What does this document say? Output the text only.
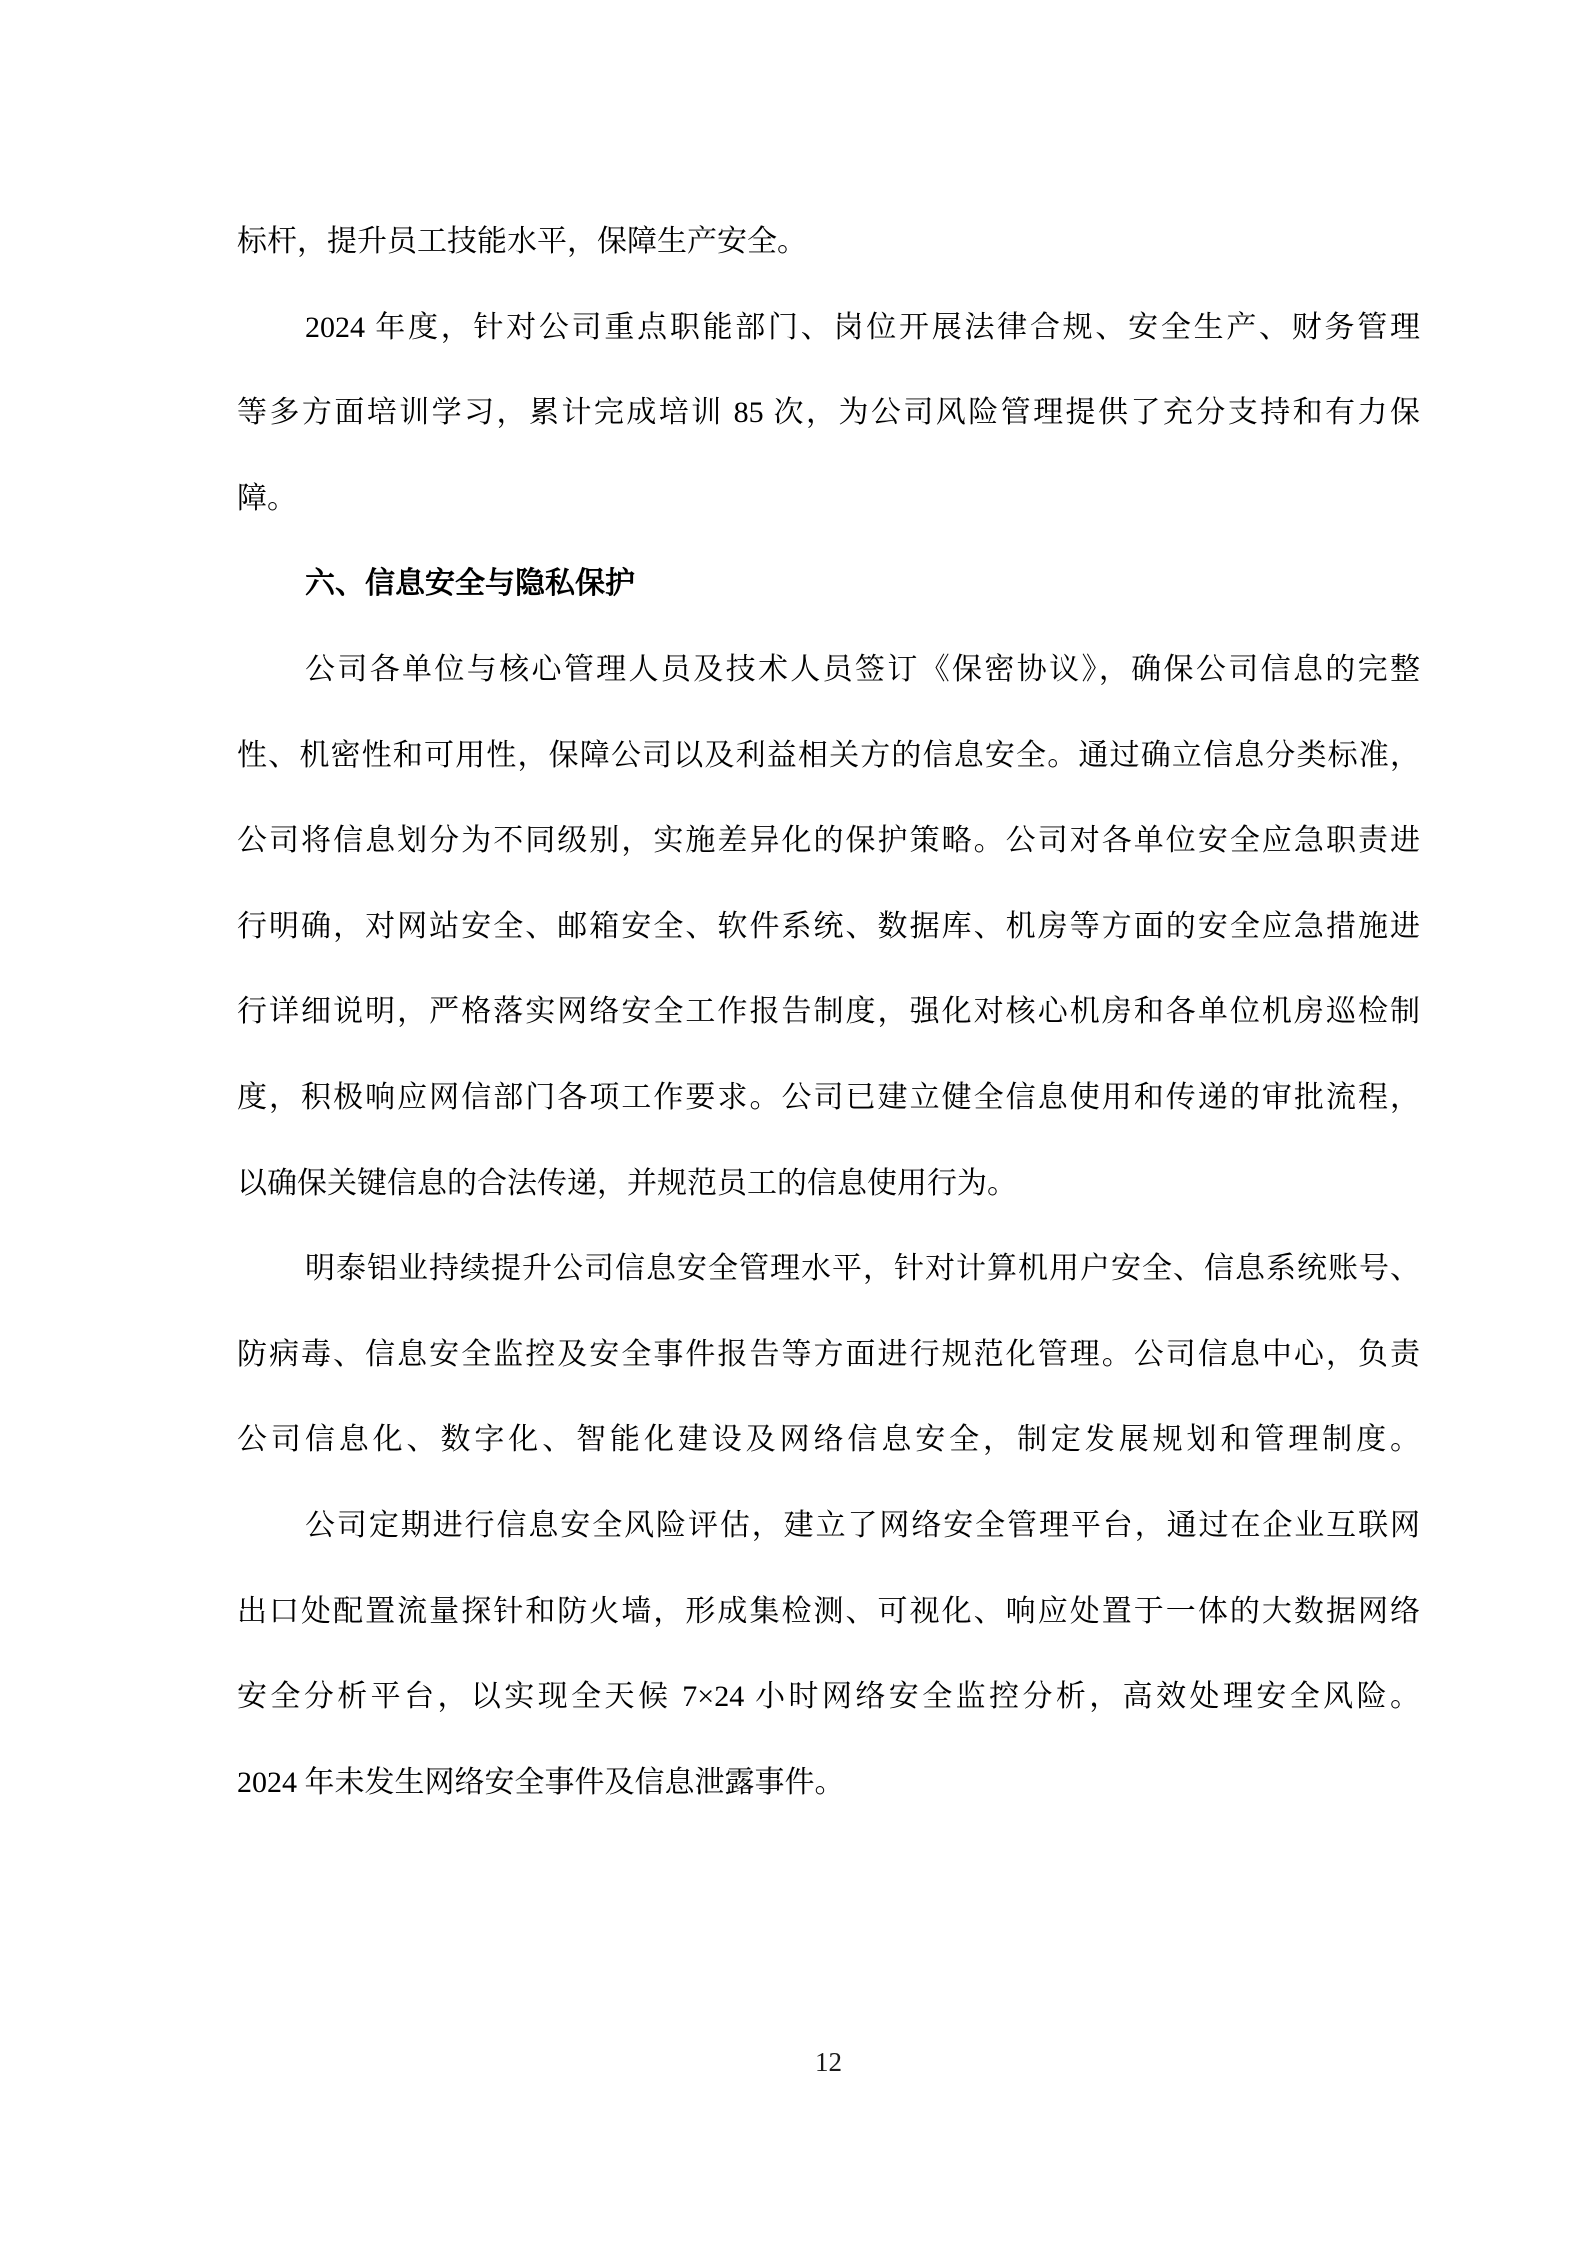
标杆，提升员工技能水平，保障生产安全。
2024 年度，针对公司重点职能部门、岗位开展法律合规、安全生产、财务管理
等多方面培训学习，累计完成培训 85 次，为公司风险管理提供了充分支持和有力保
障。
六、信息安全与隐私保护
公司各单位与核心管理人员及技术人员签订《保密协议》，确保公司信息的完整
性、机密性和可用性，保障公司以及利益相关方的信息安全。通过确立信息分类标准，
公司将信息划分为不同级别，实施差异化的保护策略。公司对各单位安全应急职责进
行明确，对网站安全、邮箱安全、软件系统、数据库、机房等方面的安全应急措施进
行详细说明，严格落实网络安全工作报告制度，强化对核心机房和各单位机房巡检制
度，积极响应网信部门各项工作要求。公司已建立健全信息使用和传递的审批流程，
以确保关键信息的合法传递，并规范员工的信息使用行为。
明泰铝业持续提升公司信息安全管理水平，针对计算机用户安全、信息系统账号、
防病毒、信息安全监控及安全事件报告等方面进行规范化管理。公司信息中心，负责
公司信息化、数字化、智能化建设及网络信息安全，制定发展规划和管理制度。
公司定期进行信息安全风险评估，建立了网络安全管理平台，通过在企业互联网
出口处配置流量探针和防火墙，形成集检测、可视化、响应处置于一体的大数据网络
安全分析平台，以实现全天候 7×24 小时网络安全监控分析，高效处理安全风险。
2024 年未发生网络安全事件及信息泄露事件。
12
